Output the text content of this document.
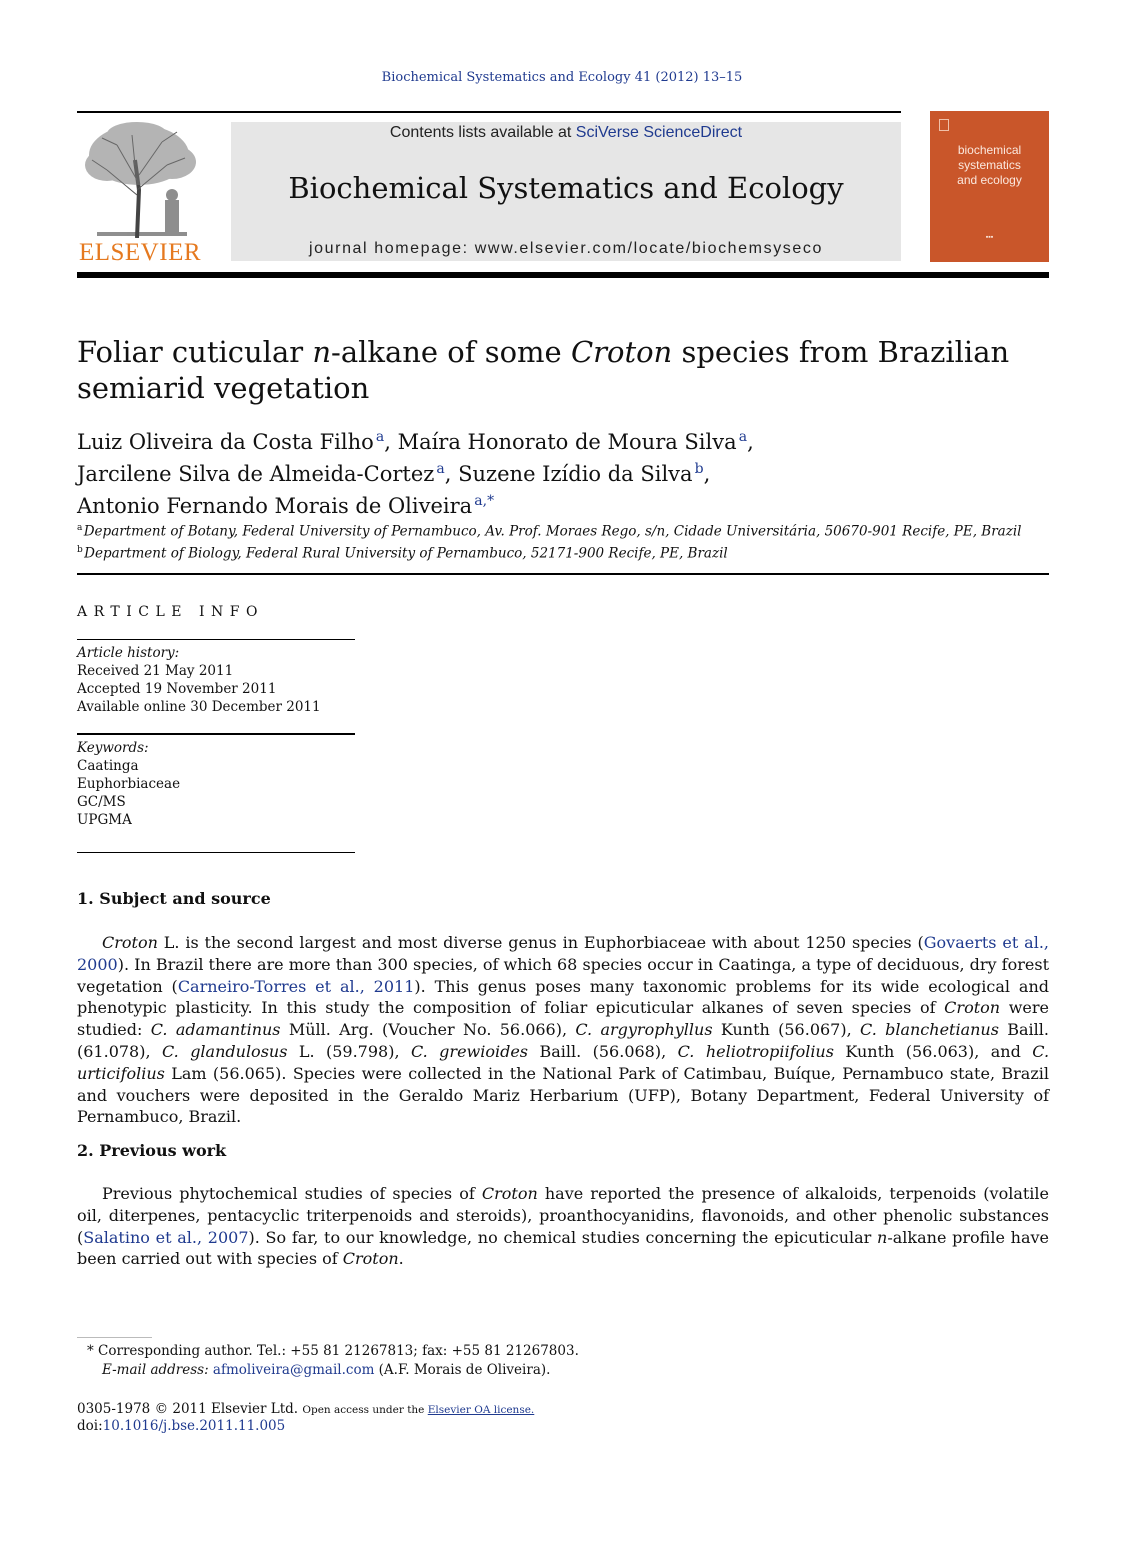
Biochemical Systematics and Ecology 41 (2012) 13–15
ELSEVIER
Contents lists available at SciVerse ScienceDirect
Biochemical Systematics and Ecology
journal homepage: www.elsevier.com/locate/biochemsyseco
biochemical
systematics
and ecology
▪▪▪
Foliar cuticular n-alkane of some Croton species from Brazilian semiarid vegetation
Luiz Oliveira da Costa Filho  $^a$, Maíra Honorato de Moura Silva  $^a$,
Jarcilene Silva de Almeida-Cortez  $^a$, Suzene Izídio da Silva  $^b$,
Antonio Fernando Morais de Oliveira  $^{a,*}$
$^a$ Department of Botany, Federal University of Pernambuco, Av. Prof. Moraes Rego, s/n, Cidade Universitária, 50670-901 Recife, PE, Brazil
$^b$ Department of Biology, Federal Rural University of Pernambuco, 52171-900 Recife, PE, Brazil
ARTICLE INFO
Article history:
Received 21 May 2011
Accepted 19 November 2011
Available online 30 December 2011
Keywords:
Caatinga
Euphorbiaceae
GC/MS
UPGMA
1. Subject and source

Croton L. is the second largest and most diverse genus in Euphorbiaceae with about 1250 species (Govaerts et al., 2000). In Brazil there are more than 300 species, of which 68 species occur in Caatinga, a type of deciduous, dry forest vegetation (Carneiro-Torres et al., 2011). This genus poses many taxonomic problems for its wide ecological and phenotypic plasticity. In this study the composition of foliar epicuticular alkanes of seven species of Croton were studied: C. adamantinus Müll. Arg. (Voucher No. 56.066), C. argyrophyllus Kunth (56.067), C. blanchetianus Baill. (61.078), C. glandulosus L. (59.798), C. grewioides Baill. (56.068), C. heliotropiifolius Kunth (56.063), and C. urticifolius Lam (56.065). Species were collected in the National Park of Catimbau, Buíque, Pernambuco state, Brazil and vouchers were deposited in the Geraldo Mariz Herbarium (UFP), Botany Department, Federal University of Pernambuco, Brazil.

2. Previous work

Previous phytochemical studies of species of Croton have reported the presence of alkaloids, terpenoids (volatile oil, diterpenes, pentacyclic triterpenoids and steroids), proanthocyanidins, flavonoids, and other phenolic substances (Salatino et al., 2007). So far, to our knowledge, no chemical studies concerning the epicuticular n-alkane profile have been carried out with species of Croton.

* Corresponding author. Tel.: +55 81 21267813; fax: +55 81 21267803.
E-mail address: afmoliveira@gmail.com (A.F. Morais de Oliveira).
0305-1978 © 2011 Elsevier Ltd. Open access under the Elsevier OA license.
doi:10.1016/j.bse.2011.11.005
